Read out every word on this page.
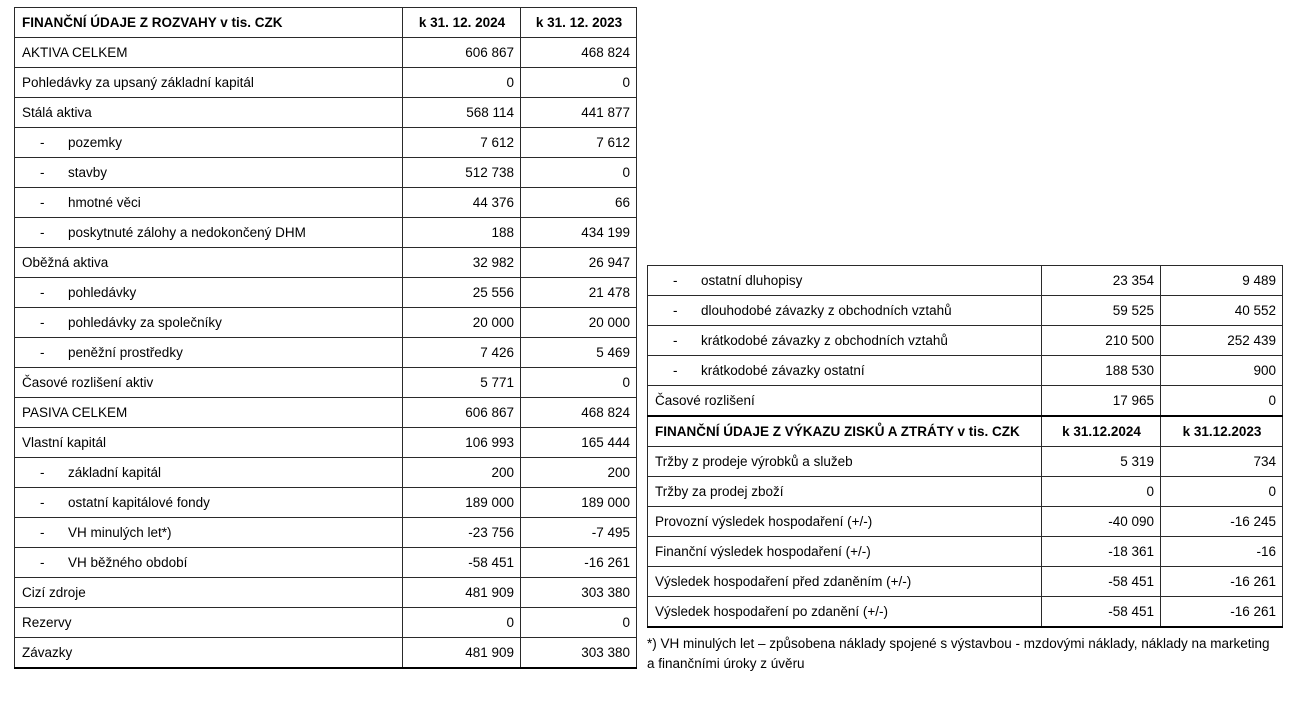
FINANČNÍ ÚDAJE Z ROZVAHY v tis. CZK	k 31. 12. 2024	k 31. 12. 2023
AKTIVA CELKEM	606 867	468 824
Pohledávky za upsaný základní kapitál	0	0
Stálá aktiva	568 114	441 877
- pozemky	7 612	7 612
- stavby	512 738	0
- hmotné věci	44 376	66
- poskytnuté zálohy a nedokončený DHM	188	434 199
Oběžná aktiva	32 982	26 947
- pohledávky	25 556	21 478
- pohledávky za společníky	20 000	20 000
- peněžní prostředky	7 426	5 469
Časové rozlišení aktiv	5 771	0
PASIVA CELKEM	606 867	468 824
Vlastní kapitál	106 993	165 444
- základní kapitál	200	200
- ostatní kapitálové fondy	189 000	189 000
- VH minulých let*)	-23 756	-7 495
- VH běžného období	-58 451	-16 261
Cizí zdroje	481 909	303 380
Rezervy	0	0
Závazky	481 909	303 380
- ostatní dluhopisy	23 354	9 489
- dlouhodobé závazky z obchodních vztahů	59 525	40 552
- krátkodobé závazky z obchodních vztahů	210 500	252 439
- krátkodobé závazky ostatní	188 530	900
Časové rozlišení	17 965	0
FINANČNÍ ÚDAJE Z VÝKAZU ZISKŮ A ZTRÁTY v tis. CZK	k 31.12.2024	k 31.12.2023
Tržby z prodeje výrobků a služeb	5 319	734
Tržby za prodej zboží	0	0
Provozní výsledek hospodaření (+/-)	-40 090	-16 245
Finanční výsledek hospodaření (+/-)	-18 361	-16
Výsledek hospodaření před zdaněním (+/-)	-58 451	-16 261
Výsledek hospodaření po zdanění (+/-)	-58 451	-16 261
*) VH minulých let – způsobena náklady spojené s výstavbou - mzdovými náklady, náklady na marketing
a finančními úroky z úvěru
